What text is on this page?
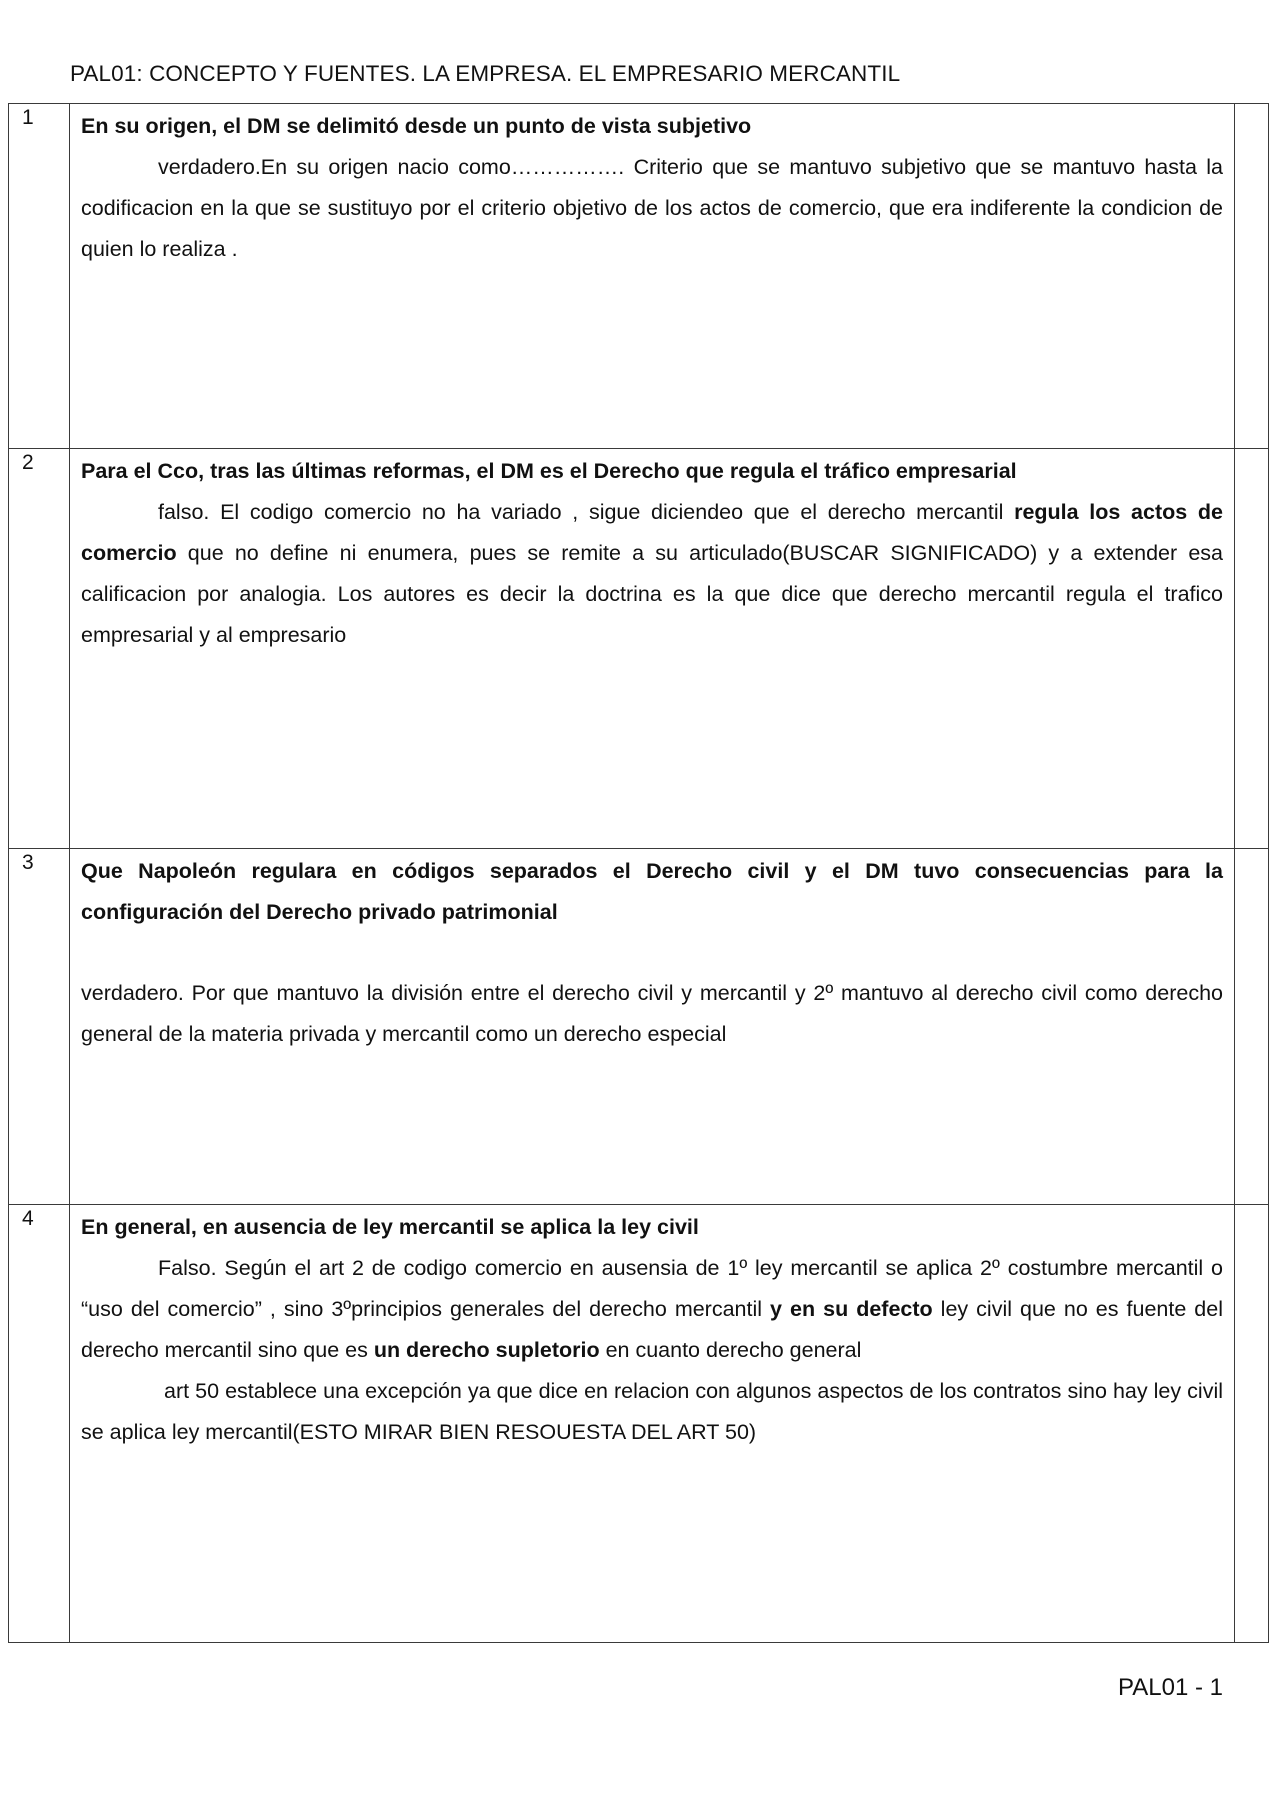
PAL01: CONCEPTO Y FUENTES. LA EMPRESA. EL EMPRESARIO MERCANTIL
1	En su origen, el DM se delimitó desde un punto de vista subjetivo

verdadero.En su origen nacio como……………. Criterio que se mantuvo subjetivo que se mantuvo hasta la codificacion en la que se sustituyo por el criterio objetivo de los actos de comercio, que era indiferente la condicion de quien lo realiza .	

2	Para el Cco, tras las últimas reformas, el DM es el Derecho que regula el tráfico empresarial

falso. El codigo comercio no ha variado , sigue diciendeo que el derecho mercantil regula los actos de comercio que no define ni enumera, pues se remite a su articulado(BUSCAR SIGNIFICADO) y a extender esa calificacion por analogia. Los autores es decir la doctrina es la que dice que derecho mercantil regula el trafico empresarial y al empresario	

3	Que Napoleón regulara en códigos separados el Derecho civil y el DM tuvo consecuencias para la configuración del Derecho privado patrimonial

verdadero. Por que mantuvo la división entre el derecho civil y mercantil y 2º mantuvo al derecho civil como derecho general de la materia privada y mercantil como un derecho especial	

4	En general, en ausencia de ley mercantil se aplica la ley civil

Falso. Según el art 2 de codigo comercio en ausensia de 1º ley mercantil se aplica 2º costumbre mercantil o “uso del comercio” , sino 3ºprincipios generales del derecho mercantil y en su defecto ley civil que no es fuente del derecho mercantil sino que es un derecho supletorio en cuanto derecho general

art 50 establece una excepción ya que dice en relacion con algunos aspectos de los contratos sino hay ley civil se aplica ley mercantil(ESTO MIRAR BIEN RESOUESTA DEL ART 50)	

PAL01 - 1
